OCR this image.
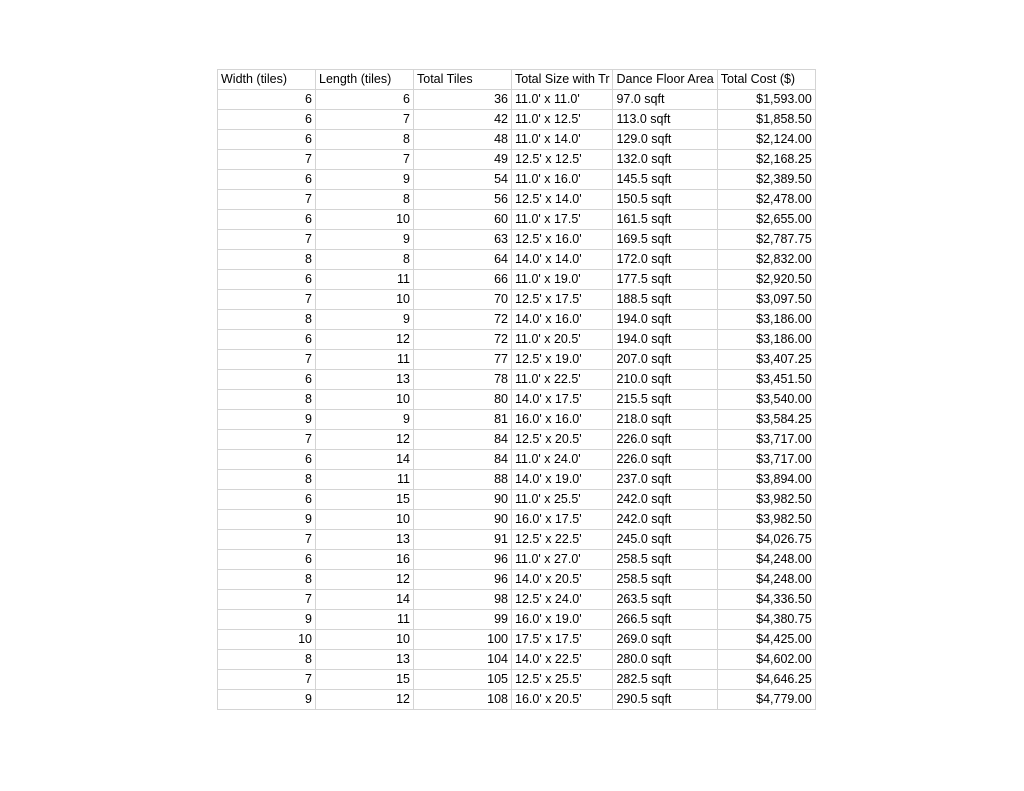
Width (tiles)	Length (tiles)	Total Tiles	Total Size with Tr	Dance Floor Area	Total Cost ($)
6	6	36	11.0' x 11.0'	97.0 sqft	$1,593.00
6	7	42	11.0' x 12.5'	113.0 sqft	$1,858.50
6	8	48	11.0' x 14.0'	129.0 sqft	$2,124.00
7	7	49	12.5' x 12.5'	132.0 sqft	$2,168.25
6	9	54	11.0' x 16.0'	145.5 sqft	$2,389.50
7	8	56	12.5' x 14.0'	150.5 sqft	$2,478.00
6	10	60	11.0' x 17.5'	161.5 sqft	$2,655.00
7	9	63	12.5' x 16.0'	169.5 sqft	$2,787.75
8	8	64	14.0' x 14.0'	172.0 sqft	$2,832.00
6	11	66	11.0' x 19.0'	177.5 sqft	$2,920.50
7	10	70	12.5' x 17.5'	188.5 sqft	$3,097.50
8	9	72	14.0' x 16.0'	194.0 sqft	$3,186.00
6	12	72	11.0' x 20.5'	194.0 sqft	$3,186.00
7	11	77	12.5' x 19.0'	207.0 sqft	$3,407.25
6	13	78	11.0' x 22.5'	210.0 sqft	$3,451.50
8	10	80	14.0' x 17.5'	215.5 sqft	$3,540.00
9	9	81	16.0' x 16.0'	218.0 sqft	$3,584.25
7	12	84	12.5' x 20.5'	226.0 sqft	$3,717.00
6	14	84	11.0' x 24.0'	226.0 sqft	$3,717.00
8	11	88	14.0' x 19.0'	237.0 sqft	$3,894.00
6	15	90	11.0' x 25.5'	242.0 sqft	$3,982.50
9	10	90	16.0' x 17.5'	242.0 sqft	$3,982.50
7	13	91	12.5' x 22.5'	245.0 sqft	$4,026.75
6	16	96	11.0' x 27.0'	258.5 sqft	$4,248.00
8	12	96	14.0' x 20.5'	258.5 sqft	$4,248.00
7	14	98	12.5' x 24.0'	263.5 sqft	$4,336.50
9	11	99	16.0' x 19.0'	266.5 sqft	$4,380.75
10	10	100	17.5' x 17.5'	269.0 sqft	$4,425.00
8	13	104	14.0' x 22.5'	280.0 sqft	$4,602.00
7	15	105	12.5' x 25.5'	282.5 sqft	$4,646.25
9	12	108	16.0' x 20.5'	290.5 sqft	$4,779.00
